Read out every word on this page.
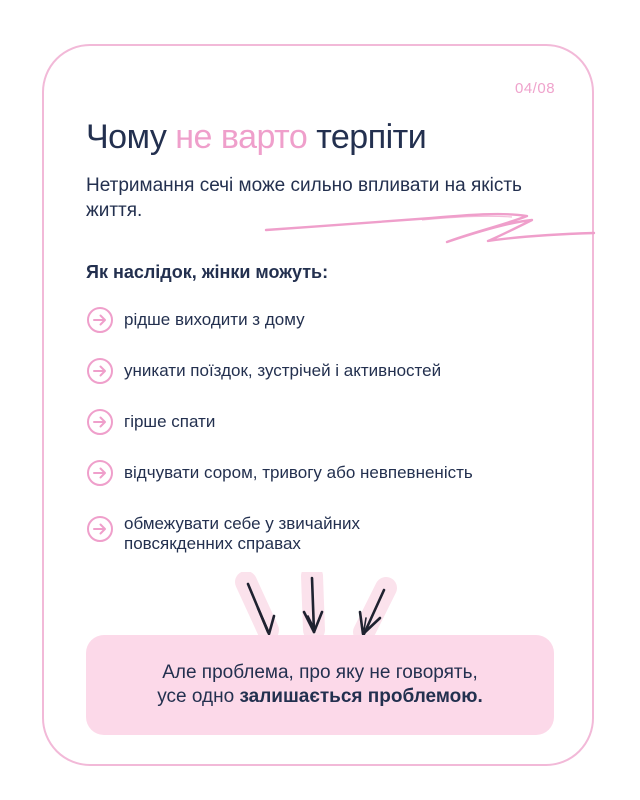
04/08
Чому не варто терпіти
Нетримання сечі може сильно впливати на якість життя.
Як наслідок, жінки можуть:
рідше виходити з дому
уникати поїздок, зустрічей і активностей
гірше спати
відчувати сором, тривогу або невпевненість
обмежувати себе у звичайних повсякденних справах
Але проблема, про яку не говорять,
усе одно залишається проблемою.
